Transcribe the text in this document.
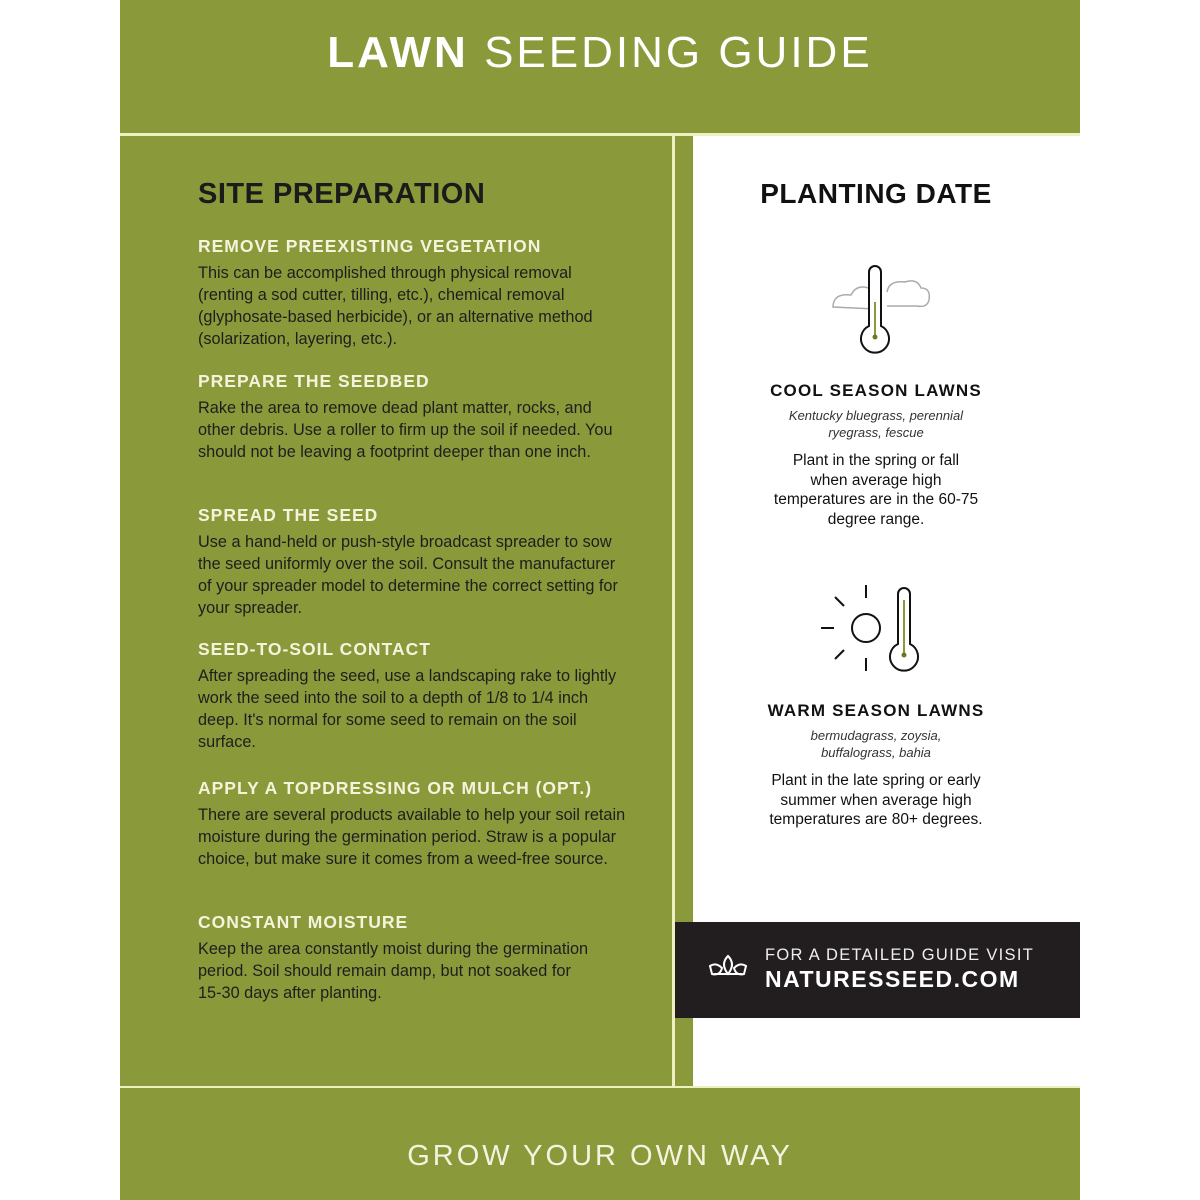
LAWN SEEDING GUIDE
SITE PREPARATION
REMOVE PREEXISTING VEGETATION

This can be accomplished through physical removal (renting a sod cutter, tilling, etc.), chemical removal (glyphosate-based herbicide), or an alternative method (solarization, layering, etc.).

PREPARE THE SEEDBED

Rake the area to remove dead plant matter, rocks, and other debris. Use a roller to firm up the soil if needed. You should not be leaving a footprint deeper than one inch.

SPREAD THE SEED

Use a hand-held or push-style broadcast spreader to sow the seed uniformly over the soil. Consult the manufacturer of your spreader model to determine the correct setting for your spreader.

SEED-TO-SOIL CONTACT

After spreading the seed, use a landscaping rake to lightly work the seed into the soil to a depth of 1/8 to 1/4 inch deep. It's normal for some seed to remain on the soil surface.

APPLY A TOPDRESSING OR MULCH (OPT.)

There are several products available to help your soil retain moisture during the germination period. Straw is a popular choice, but make sure it comes from a weed-free source.

CONSTANT MOISTURE

Keep the area constantly moist during the germination period. Soil should remain damp, but not soaked for 15-30 days after planting.

PLANTING DATE
COOL SEASON LAWNS
Kentucky bluegrass, perennial ryegrass, fescue

Plant in the spring or fall when average high temperatures are in the 60-75 degree range.

WARM SEASON LAWNS
bermudagrass, zoysia, buffalograss, bahia

Plant in the late spring or early summer when average high temperatures are 80+ degrees.

FOR A DETAILED GUIDE VISIT
NATURESSEED.COM
GROW YOUR OWN WAY
